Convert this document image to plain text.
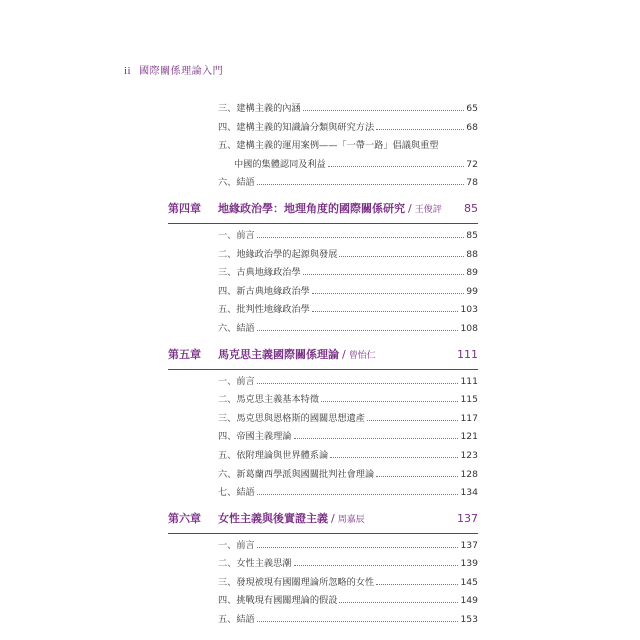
ii 國際關係理論入門
三、建構主義的內涵	65
四、建構主義的知識論分類與研究方法	68
五、建構主義的運用案例——「一帶一路」倡議與重塑
中國的集體認同及利益	72
六、結語	78
第四章	地緣政治學：地理角度的國際關係研究 / 王俊評 85
一、前言	85
二、地緣政治學的起源與發展	88
三、古典地緣政治學	89
四、新古典地緣政治學	99
五、批判性地緣政治學	103
六、結語	108
第五章	馬克思主義國際關係理論 / 曾怡仁	111
一、前言	111
二、馬克思主義基本特徵	115
三、馬克思與恩格斯的國關思想遺產	117
四、帝國主義理論	121
五、依附理論與世界體系論	123
六、新葛蘭西學派與國關批判社會理論	128
七、結語	134
第六章	女性主義與後實證主義 / 周嘉辰	137
一、前言	137
二、女性主義思潮	139
三、發現被現有國關理論所忽略的女性	145
四、挑戰現有國關理論的假設	149
五、結語	153
